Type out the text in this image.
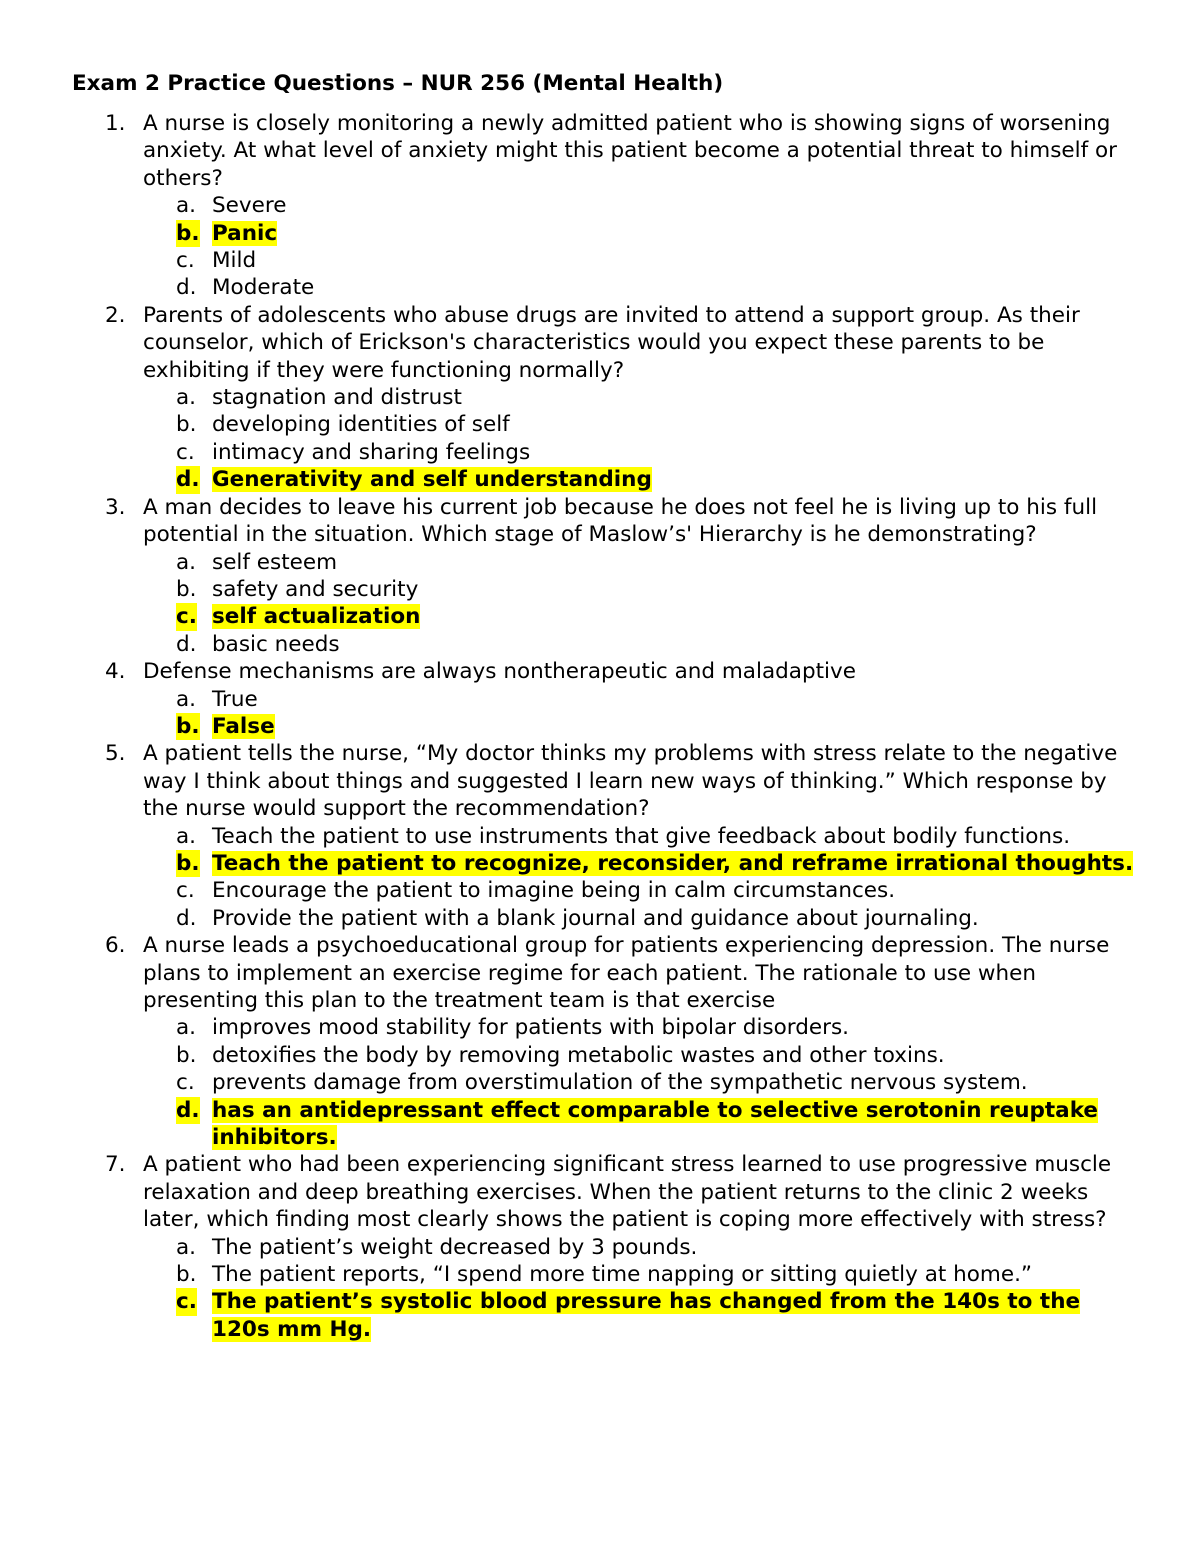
Exam 2 Practice Questions – NUR 256 (Mental Health)
1. A nurse is closely monitoring a newly admitted patient who is showing signs of worsening anxiety. At what level of anxiety might this patient become a potential threat to himself or others?
a. Severe
b. Panic
c. Mild
d. Moderate
2. Parents of adolescents who abuse drugs are invited to attend a support group. As their counselor, which of Erickson's characteristics would you expect these parents to be exhibiting if they were functioning normally?
a. stagnation and distrust
b. developing identities of self
c. intimacy and sharing feelings
d. Generativity and self understanding
3. A man decides to leave his current job because he does not feel he is living up to his full potential in the situation. Which stage of Maslow’s' Hierarchy is he demonstrating?
a. self esteem
b. safety and security
c. self actualization
d. basic needs
4. Defense mechanisms are always nontherapeutic and maladaptive
a. True
b. False
5. A patient tells the nurse, “My doctor thinks my problems with stress relate to the negative way I think about things and suggested I learn new ways of thinking.” Which response by the nurse would support the recommendation?
a. Teach the patient to use instruments that give feedback about bodily functions.
b. Teach the patient to recognize, reconsider, and reframe irrational thoughts.
c. Encourage the patient to imagine being in calm circumstances.
d. Provide the patient with a blank journal and guidance about journaling.
6. A nurse leads a psychoeducational group for patients experiencing depression. The nurse plans to implement an exercise regime for each patient. The rationale to use when presenting this plan to the treatment team is that exercise
a. improves mood stability for patients with bipolar disorders.
b. detoxifies the body by removing metabolic wastes and other toxins.
c. prevents damage from overstimulation of the sympathetic nervous system.
d. has an antidepressant effect comparable to selective serotonin reuptake inhibitors.
7. A patient who had been experiencing significant stress learned to use progressive muscle relaxation and deep breathing exercises. When the patient returns to the clinic 2 weeks later, which finding most clearly shows the patient is coping more effectively with stress?
a. The patient’s weight decreased by 3 pounds.
b. The patient reports, “I spend more time napping or sitting quietly at home.”
c. The patient’s systolic blood pressure has changed from the 140s to the 120s mm Hg.
